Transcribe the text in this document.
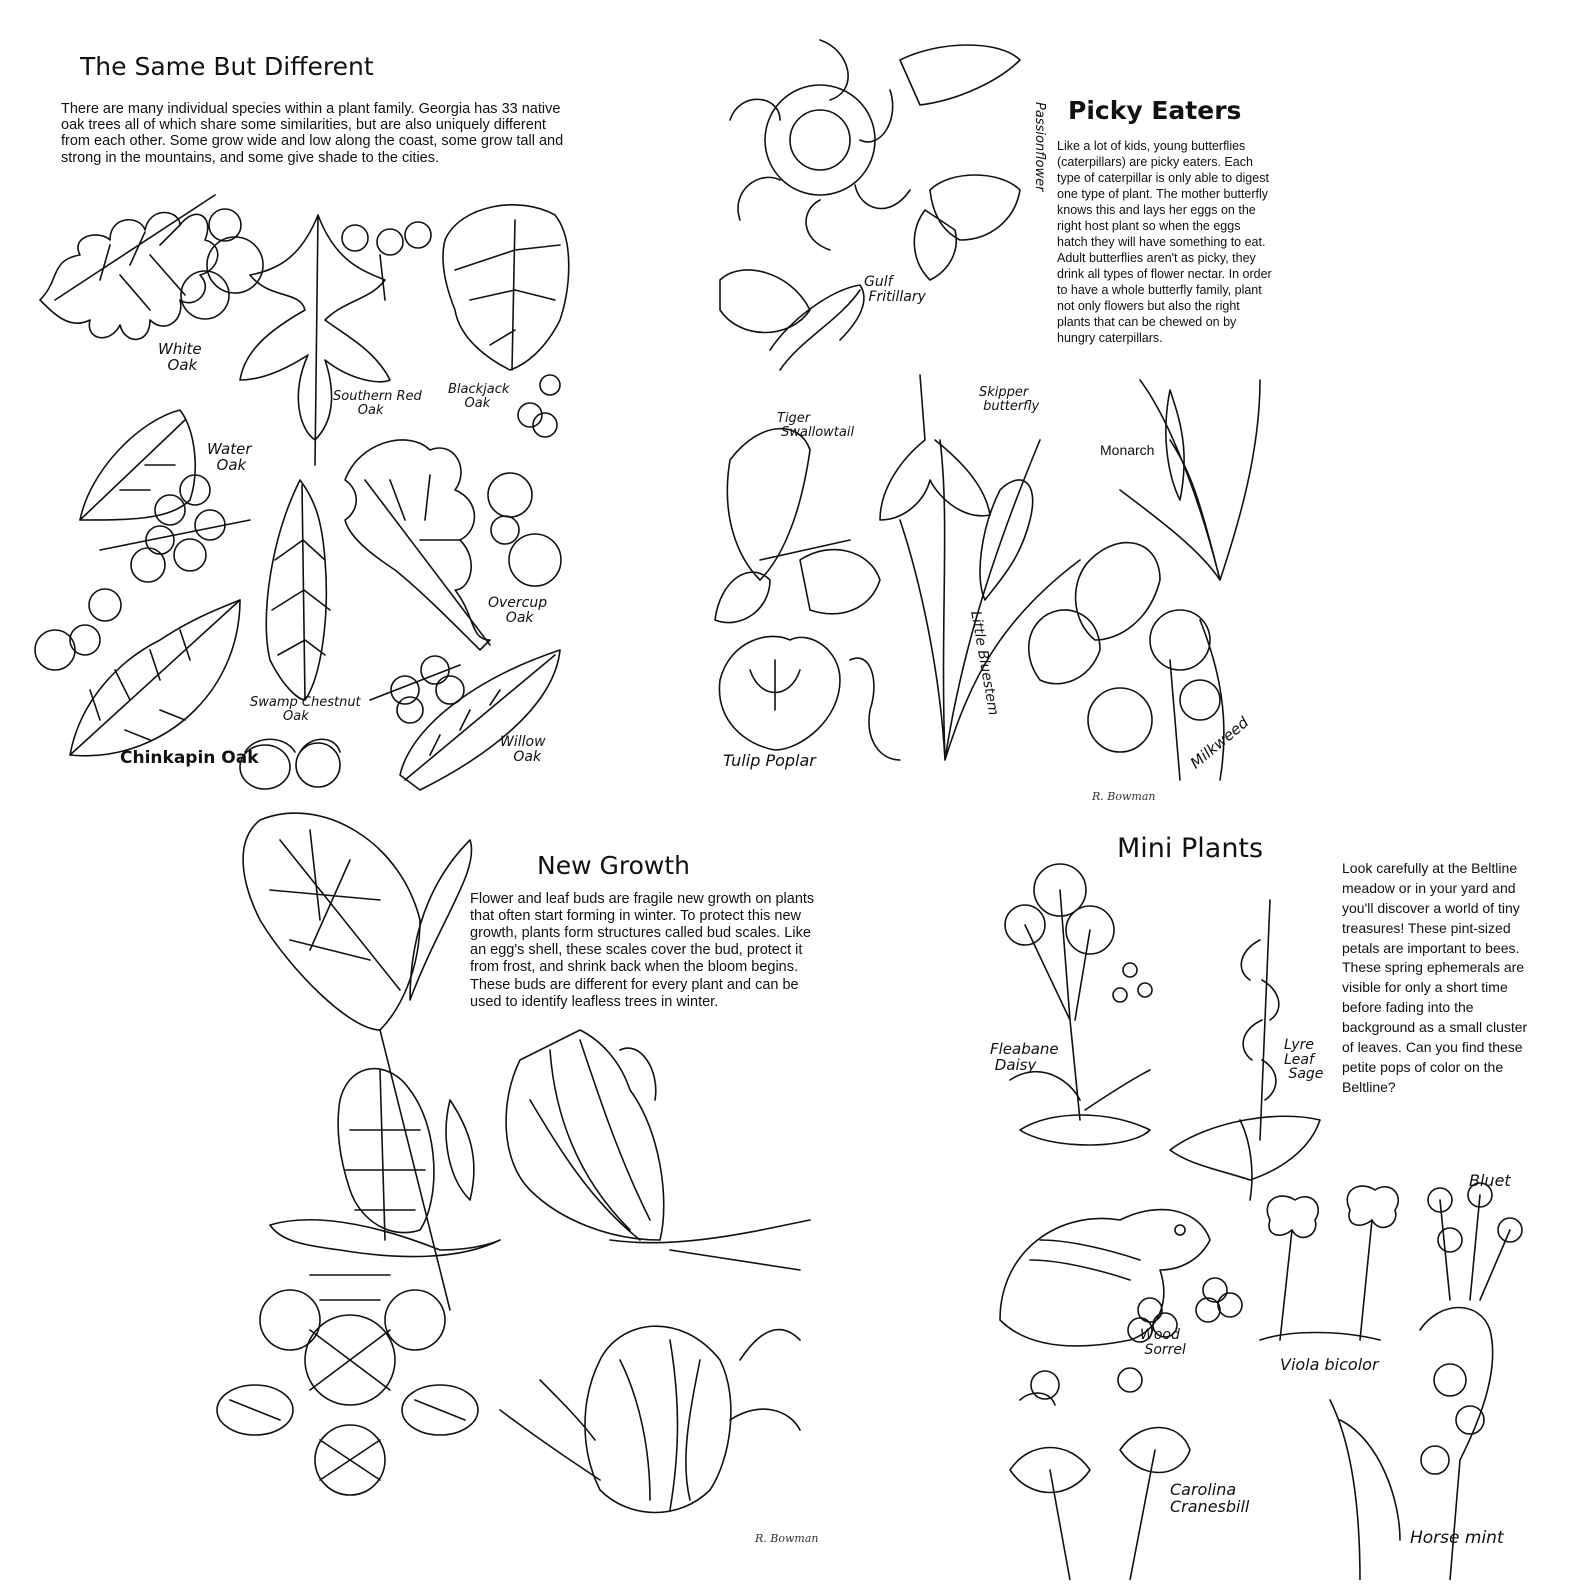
The Same But Different

There are many individual species within a plant family. Georgia has 33 native oak trees all of which share some similarities, but are also uniquely different from each other. Some grow wide and low along the coast, some grow tall and strong in the mountains, and some give shade to the cities.

White
Oak
Southern Red
Oak
Blackjack
Oak
Water
Oak
Overcup
Oak
Swamp Chestnut
Oak
Chinkapin Oak
Willow
Oak
Picky Eaters

Like a lot of kids, young butterflies (caterpillars) are picky eaters. Each type of caterpillar is only able to digest one type of plant. The mother butterfly knows this and lays her eggs on the right host plant so when the eggs hatch they will have something to eat. Adult butterflies aren't as picky, they drink all types of flower nectar. In order to have a whole butterfly family, plant not only flowers but also the right plants that can be chewed on by hungry caterpillars.

Passionflower
Gulf
Fritillary
Tiger
Swallowtail
Skipper
butterfly
Monarch
Little Bluestem
Tulip Poplar	Milkweed
R. Bowman
New Growth

Flower and leaf buds are fragile new growth on plants that often start forming in winter. To protect this new growth, plants form structures called bud scales. Like an egg's shell, these scales cover the bud, protect it from frost, and shrink back when the bloom begins. These buds are different for every plant and can be used to identify leafless trees in winter.

R. Bowman
Mini Plants

Look carefully at the Beltline meadow or in your yard and you'll discover a world of tiny treasures! These pint-sized petals are important to bees. These spring ephemerals are visible for only a short time before fading into the background as a small cluster of leaves. Can you find these petite pops of color on the Beltline?

Fleabane
Daisy
Lyre
Leaf
Sage
Bluet
Wood
Sorrel
Viola bicolor
Carolina
Cranesbill
Horse mint
